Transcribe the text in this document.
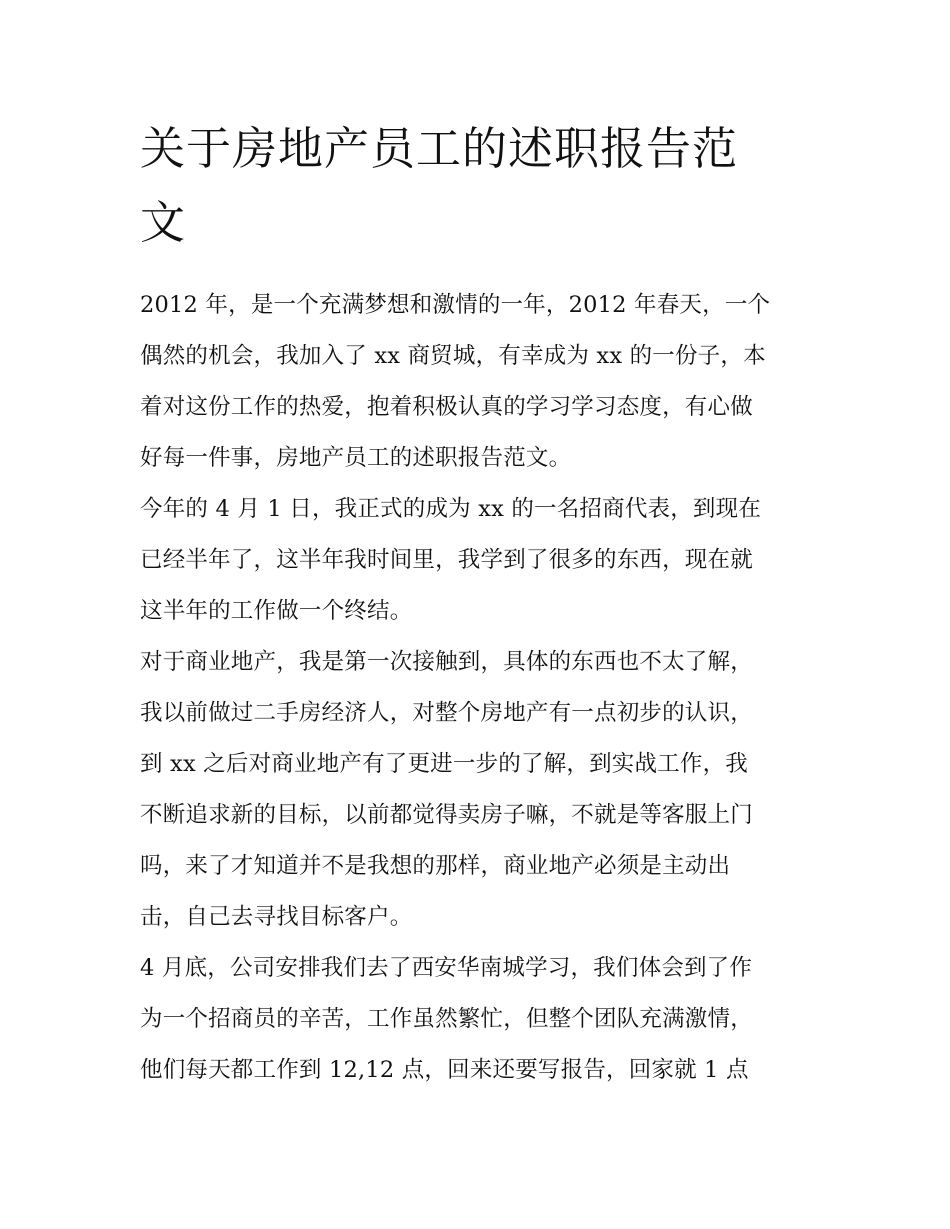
关于房地产员工的述职报告范
文

2012 年，是一个充满梦想和激情的一年，2012 年春天，一个
偶然的机会，我加入了 xx 商贸城，有幸成为 xx 的一份子，本
着对这份工作的热爱，抱着积极认真的学习学习态度，有心做
好每一件事，房地产员工的述职报告范文。

今年的 4 月 1 日，我正式的成为 xx 的一名招商代表，到现在
已经半年了，这半年我时间里，我学到了很多的东西，现在就
这半年的工作做一个终结。

对于商业地产，我是第一次接触到，具体的东西也不太了解，
我以前做过二手房经济人，对整个房地产有一点初步的认识，
到 xx 之后对商业地产有了更进一步的了解，到实战工作，我
不断追求新的目标，以前都觉得卖房子嘛，不就是等客服上门
吗，来了才知道并不是我想的那样，商业地产必须是主动出
击，自己去寻找目标客户。

4 月底，公司安排我们去了西安华南城学习，我们体会到了作
为一个招商员的辛苦，工作虽然繁忙，但整个团队充满激情，
他们每天都工作到 12,12 点，回来还要写报告，回家就 1 点
